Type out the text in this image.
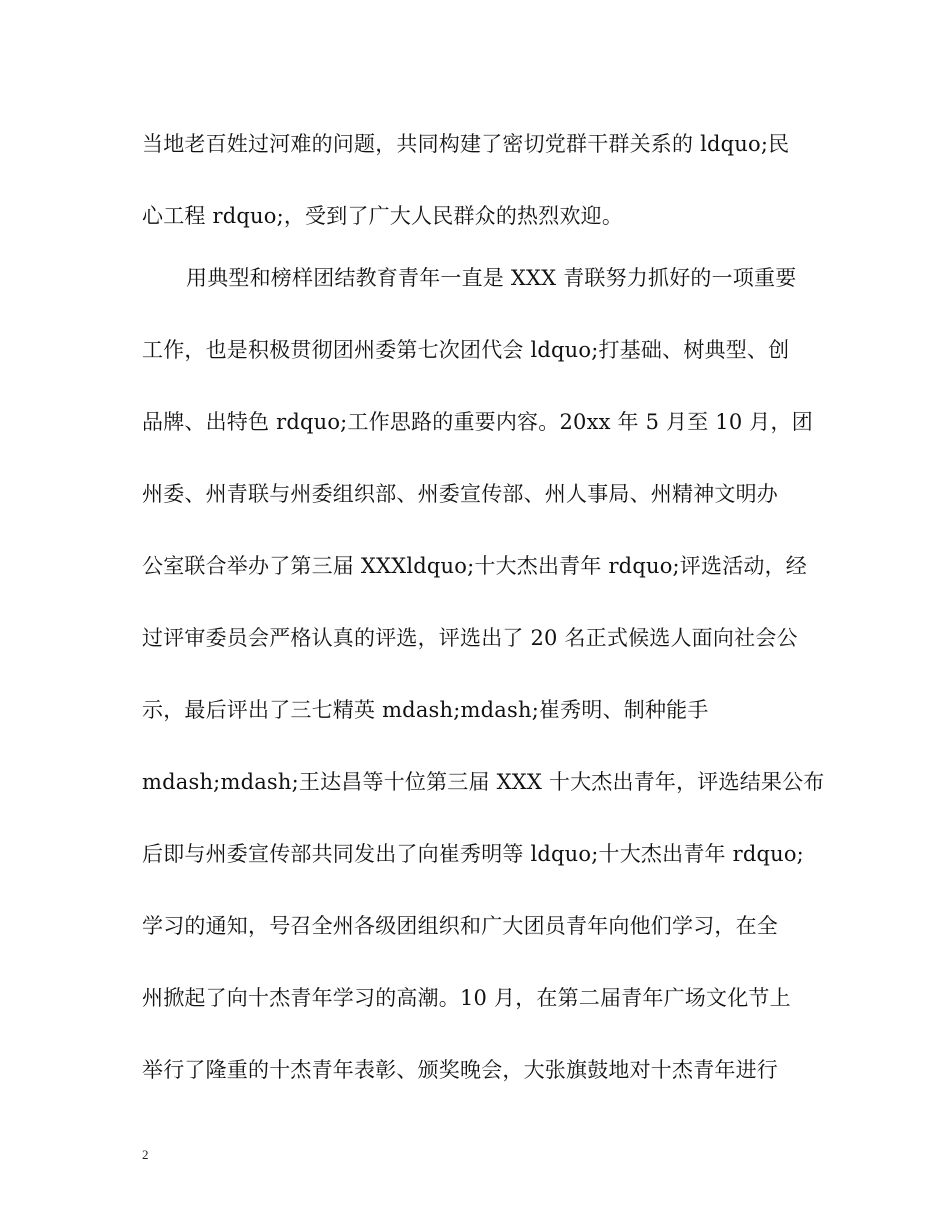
当地老百姓过河难的问题，共同构建了密切党群干群关系的 ldquo;民
心工程 rdquo;，受到了广大人民群众的热烈欢迎。
用典型和榜样团结教育青年一直是 XXX 青联努力抓好的一项重要
工作，也是积极贯彻团州委第七次团代会 ldquo;打基础、树典型、创
品牌、出特色 rdquo;工作思路的重要内容。20xx 年 5 月至 10 月，团
州委、州青联与州委组织部、州委宣传部、州人事局、州精神文明办
公室联合举办了第三届 XXXldquo;十大杰出青年 rdquo;评选活动，经
过评审委员会严格认真的评选，评选出了 20 名正式候选人面向社会公
示，最后评出了三七精英 mdash;mdash;崔秀明、制种能手
mdash;mdash;王达昌等十位第三届 XXX 十大杰出青年，评选结果公布
后即与州委宣传部共同发出了向崔秀明等 ldquo;十大杰出青年 rdquo;
学习的通知，号召全州各级团组织和广大团员青年向他们学习，在全
州掀起了向十杰青年学习的高潮。10 月，在第二届青年广场文化节上
举行了隆重的十杰青年表彰、颁奖晚会，大张旗鼓地对十杰青年进行
2
